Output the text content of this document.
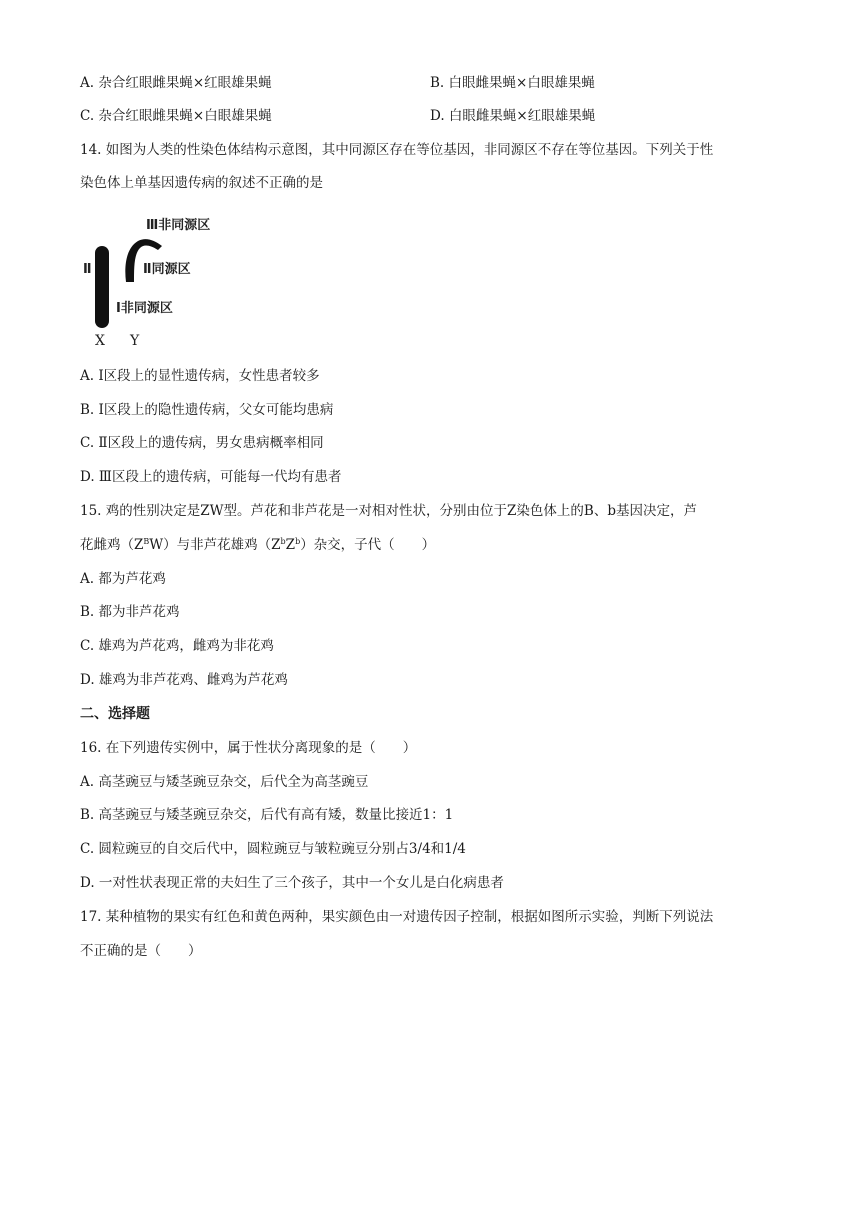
A. 杂合红眼雌果蝇×红眼雄果蝇	B. 白眼雌果蝇×白眼雄果蝇
C. 杂合红眼雌果蝇×白眼雄果蝇	D. 白眼雌果蝇×红眼雄果蝇
14. 如图为人类的性染色体结构示意图，其中同源区存在等位基因，非同源区不存在等位基因。下列关于性
染色体上单基因遗传病的叙述不正确的是
Ⅲ非同源区
Ⅱ	Ⅱ同源区
Ⅰ非同源区
X Y
A. Ⅰ区段上的显性遗传病，女性患者较多
B. Ⅰ区段上的隐性遗传病，父女可能均患病
C. Ⅱ区段上的遗传病，男女患病概率相同
D. Ⅲ区段上的遗传病，可能每一代均有患者
15. 鸡的性别决定是ZW型。芦花和非芦花是一对相对性状，分别由位于Z染色体上的B、b基因决定，芦
花雌鸡$(Z^BW)$与非芦花雄鸡$(Z^bZ^b)$杂交，子代（　　）
A. 都为芦花鸡
B. 都为非芦花鸡
C. 雄鸡为芦花鸡，雌鸡为非花鸡
D. 雄鸡为非芦花鸡、雌鸡为芦花鸡
二、选择题
16. 在下列遗传实例中，属于性状分离现象的是（　　）
A. 高茎豌豆与矮茎豌豆杂交，后代全为高茎豌豆
B. 高茎豌豆与矮茎豌豆杂交，后代有高有矮，数量比接近1：1
C. 圆粒豌豆的自交后代中，圆粒豌豆与皱粒豌豆分别占3/4和1/4
D. 一对性状表现正常的夫妇生了三个孩子，其中一个女儿是白化病患者
17. 某种植物的果实有红色和黄色两种，果实颜色由一对遗传因子控制，根据如图所示实验，判断下列说法
不正确的是（　　）
